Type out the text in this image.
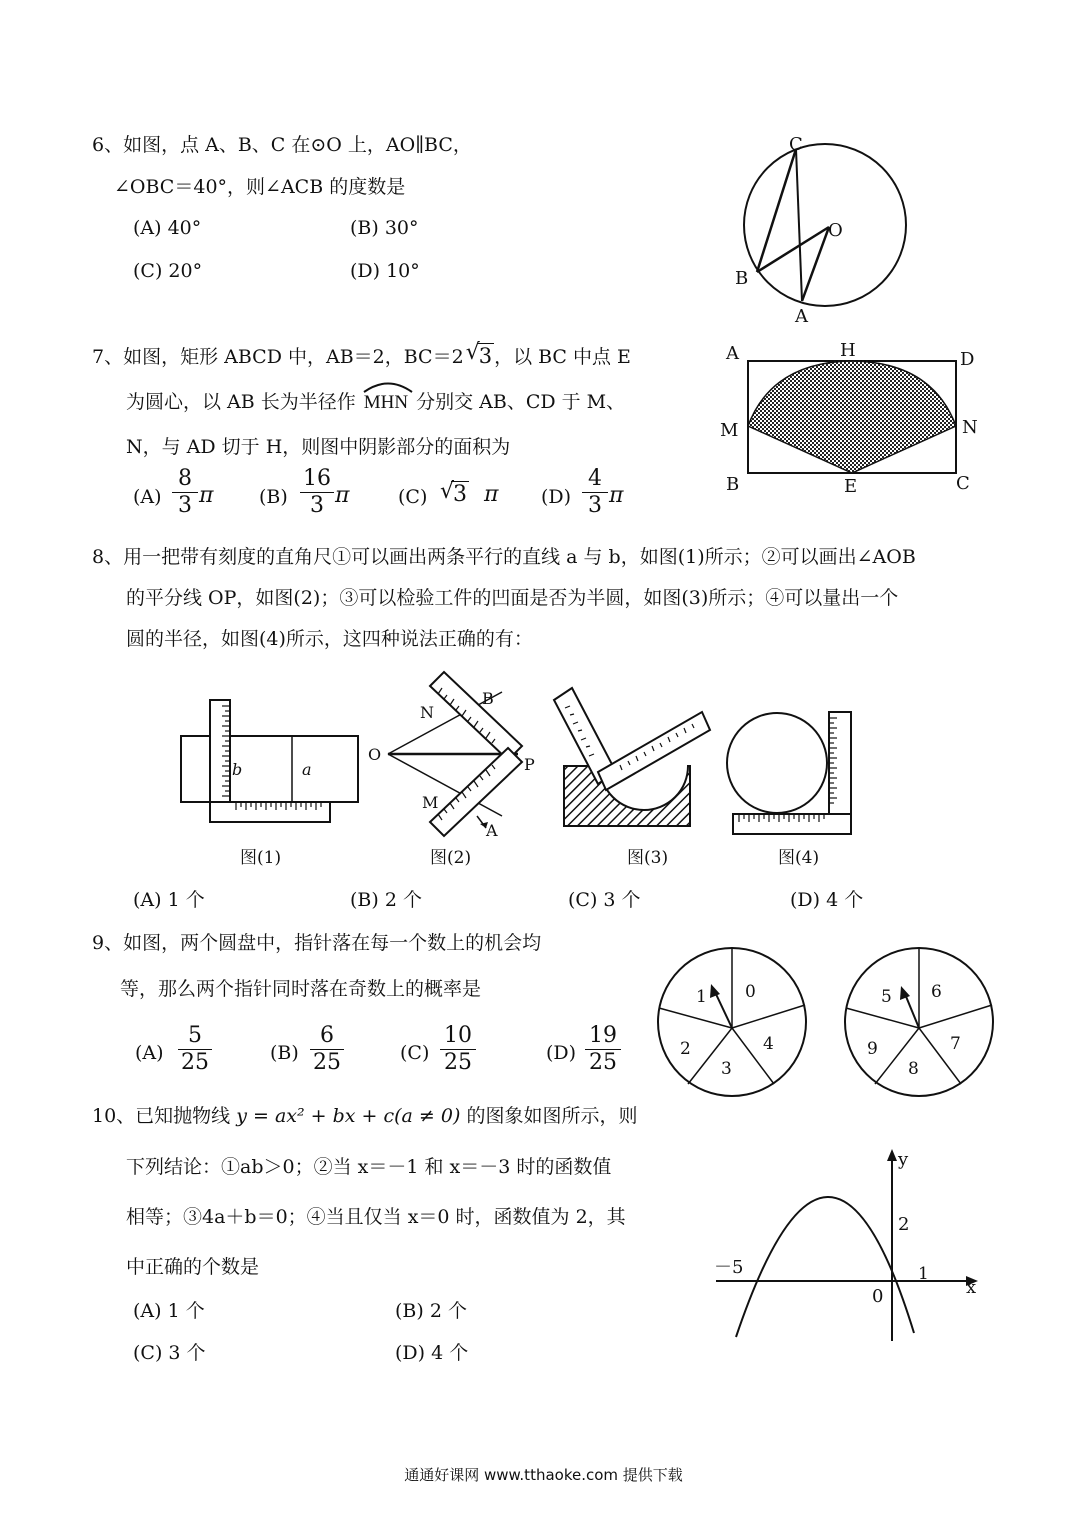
6、如图，点 A、B、C 在⊙O 上，AO∥BC，
∠OBC＝40°，则∠ACB 的度数是
(A) 40°	(B) 30°
(C) 20°	(D) 10°
C
O
B
A
7、如图，矩形 ABCD 中，AB＝2，BC＝2 √
3 ，以 BC 中点 E
为圆心，以 AB 长为半径作 MHN 分别交 AB、CD 于 M、
N，与 AD 切于 H，则图中阴影部分的面积为
$(A) \frac{8}{3}$ π $(B) \frac{16}{3}$ π	(C) √
3 π $(D) \frac{4}{3}$ π
A	H	D
M	N
B	E	C
8、用一把带有刻度的直角尺①可以画出两条平行的直线 a 与 b，如图(1)所示；②可以画出∠AOB
的平分线 OP，如图(2)；③可以检验工件的凹面是否为半圆，如图(3)所示；④可以量出一个
圆的半径，如图(4)所示，这四种说法正确的有：
b	a
O
N
B
P
M
A
图(1)	图(2)	图(3)	图(4)
(A) 1 个	(B) 2 个	(C) 3 个	(D) 4 个
9、如图，两个圆盘中，指针落在每一个数上的机会均
等，那么两个指针同时落在奇数上的概率是
$(A) \frac{5}{25}$	$(B) \frac{6}{25}$	$(C) \frac{10}{25}$	$(D) \frac{19}{25}$
0
1
2
3
4
5 6
7
8
9
10、已知抛物线 y = ax² + bx + c(a ≠ 0) 的图象如图所示，则
下列结论：①ab＞0；②当 x＝－1 和 x＝－3 时的函数值
相等；③4a＋b＝0；④当且仅当 x＝0 时，函数值为 2，其
中正确的个数是
(A) 1 个	(B) 2 个
(C) 3 个	(D) 4 个
y
x
2
－5	1
0
通通好课网 www.tthaoke.com 提供下载
